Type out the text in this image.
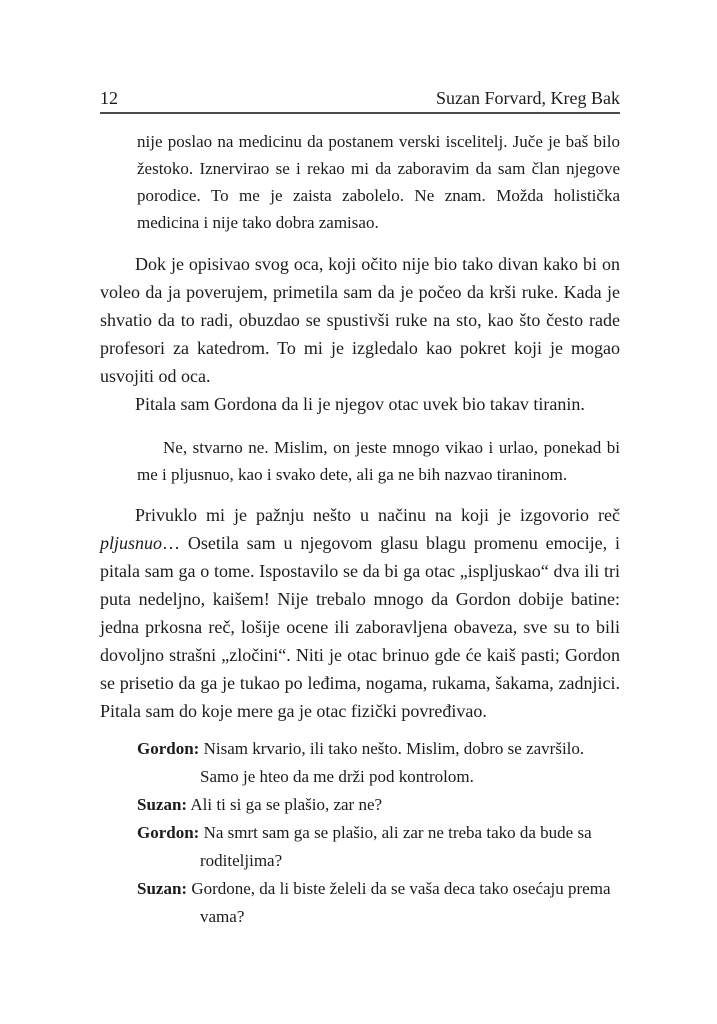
12	Suzan Forvard, Kreg Bak

nije poslao na medicinu da postanem verski iscelitelj. Juče je baš bilo žestoko. Iznervirao se i rekao mi da zaboravim da sam član njegove porodice. To me je zaista zabolelo. Ne znam. Možda holistička medicina i nije tako dobra zamisao.

Dok je opisivao svog oca, koji očito nije bio tako divan kako bi on voleo da ja poverujem, primetila sam da je počeo da krši ruke. Kada je shvatio da to radi, obuzdao se spustivši ruke na sto, kao što često rade profesori za katedrom. To mi je izgledalo kao pokret koji je mogao usvojiti od oca.

Pitala sam Gordona da li je njegov otac uvek bio takav tiranin.

Ne, stvarno ne. Mislim, on jeste mnogo vikao i urlao, ponekad bi me i pljusnuo, kao i svako dete, ali ga ne bih nazvao tiraninom.

Privuklo mi je pažnju nešto u načinu na koji je izgovorio reč pljusnuo… Osetila sam u njegovom glasu blagu promenu emocije, i pitala sam ga o tome. Ispostavilo se da bi ga otac „ispljuskao“ dva ili tri puta nedeljno, kaišem! Nije trebalo mnogo da Gordon dobije batine: jedna prkosna reč, lošije ocene ili zaboravljena obaveza, sve su to bili dovoljno strašni „zločini“. Niti je otac brinuo gde će kaiš pasti; Gordon se prisetio da ga je tukao po leđima, nogama, rukama, šakama, zadnjici. Pitala sam do koje mere ga je otac fizički povređivao.

Gordon: Nisam krvario, ili tako nešto. Mislim, dobro se završilo. Samo je hteo da me drži pod kontrolom.

Suzan: Ali ti si ga se plašio, zar ne?

Gordon: Na smrt sam ga se plašio, ali zar ne treba tako da bude sa roditeljima?

Suzan: Gordone, da li biste želeli da se vaša deca tako osećaju prema vama?
